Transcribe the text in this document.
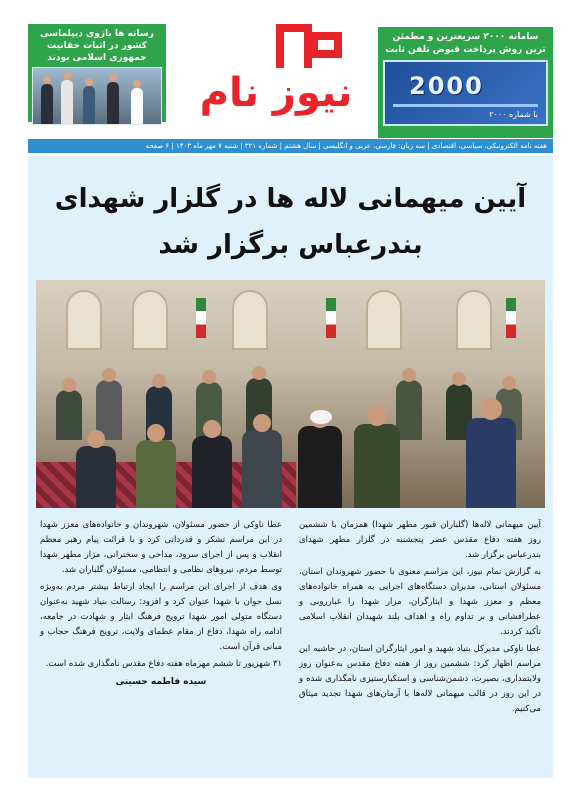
رسانه ها بازوی دیپلماسی کشور در اثبات حقانیت جمهوری اسلامی بودند
نیوز نام
سامانه ۲۰۰۰ سریعترین و مطمئن ترین روش پرداخت قبوض تلفن ثابت
2000
با شماره ۲۰۰۰
هفته نامه الکترونیکی، سیاسی، اقتصادی | سه زبان: فارسی، عربی و انگلیسی | سال هشتم | شماره ۳۲۱ | شنبه ۷ مهر ماه ۱۴۰۳ | ۶ صفحه
آیین میهمانی لاله ها در گلزار شهدای
بندرعباس برگزار شد

آیین میهمانی لاله‌ها (گلباران قبور مطهر شهدا) همزمان با ششمین روز هفته دفاع مقدس عصر پنجشنبه در گلزار مطهر شهدای بندرعباس برگزار شد.

به گزارش نمام نیوز، این مراسم معنوی با حضور شهروندان استان، مسئولان استانی، مدیران دستگاه‌های اجرایی به همراه خانواده‌های معظم و معزز شهدا و ایثارگران، مزار شهدا را غبارروبی و عطرافشانی و بر تداوم راه و اهداف بلند شهیدان انقلاب اسلامی تأکید کردند.

عطا ناوکی مدیرکل بنیاد شهید و امور ایثارگران استان، در حاشیه این مراسم اظهار کرد: ششمین روز از هفته دفاع مقدس به‌عنوان روز ولایتمداری، بصیرت، دشمن‌شناسی و استکبارستیزی نامگذاری شده و در این روز در قالب میهمانی لاله‌ها با آرمان‌های شهدا تجدید میثاق می‌کنیم.

عطا ناوکی از حضور مسئولان، شهروندان و خانواده‌های معزز شهدا در این مراسم تشکر و قدردانی کرد و با قرائت پیام رهبر معظم انقلاب و پس از اجرای سرود، مداحی و سخنرانی، مزار مطهر شهدا توسط مردم، نیروهای نظامی و انتظامی، مسئولان گلباران شد.

وی هدف از اجرای این مراسم را ایجاد ارتباط بیشتر مردم به‌ویژه نسل جوان با شهدا عنوان کرد و افزود: رسالت بنیاد شهید به‌عنوان دستگاه متولی امور شهدا ترویج فرهنگ ایثار و شهادت در جامعه، ادامه راه شهدا، دفاع از مقام عظمای ولایت، ترویج فرهنگ حجاب و مبانی قرآن است.

۳۱ شهریور تا ششم مهرماه هفته دفاع مقدس نامگذاری شده است.

سیده فاطمه حسینی
